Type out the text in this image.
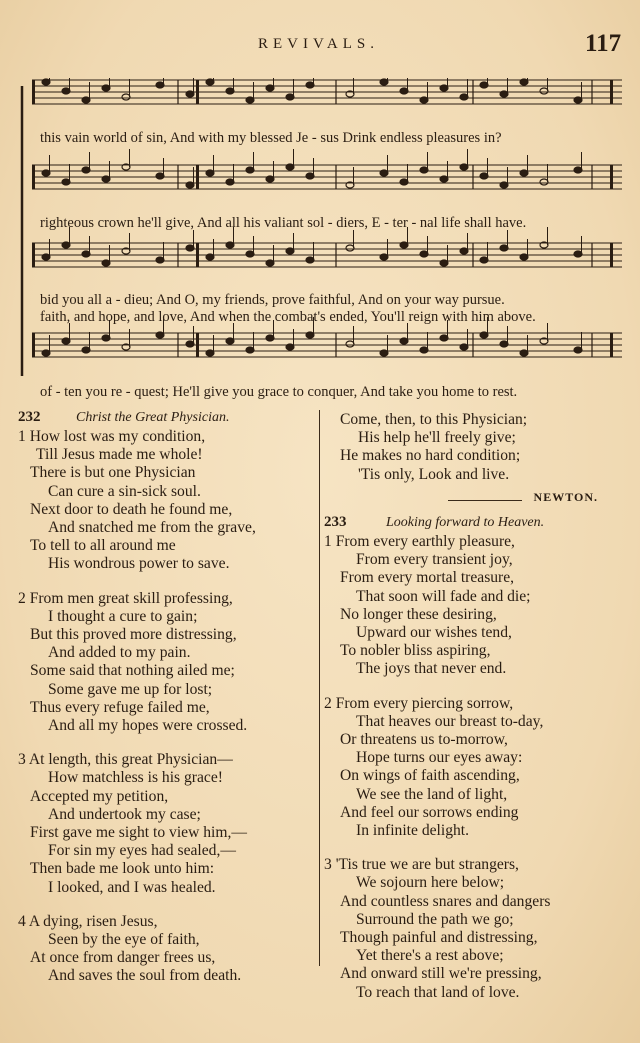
REVIVALS.	117
this vain world of sin, And with my blessed Je - sus Drink endless pleasures in?
righteous crown he'll give, And all his valiant sol - diers, E - ter - nal life shall have.
bid you all a - dieu; And O, my friends, prove faithful, And on your way pursue.
faith, and hope, and love, And when the combat's ended, You'll reign with him above.
of - ten you re - quest; He'll give you grace to conquer, And take you home to rest.
232	Christ the Great Physician.
1 How lost was my condition,
Till Jesus made me whole!
There is but one Physician
Can cure a sin-sick soul.
Next door to death he found me,
And snatched me from the grave,
To tell to all around me
His wondrous power to save.
2 From men great skill professing,
I thought a cure to gain;
But this proved more distressing,
And added to my pain.
Some said that nothing ailed me;
Some gave me up for lost;
Thus every refuge failed me,
And all my hopes were crossed.
3 At length, this great Physician—
How matchless is his grace!
Accepted my petition,
And undertook my case;
First gave me sight to view him,—
For sin my eyes had sealed,—
Then bade me look unto him:
I looked, and I was healed.
4 A dying, risen Jesus,
Seen by the eye of faith,
At once from danger frees us,
And saves the soul from death.
Come, then, to this Physician;
His help he'll freely give;
He makes no hard condition;
'Tis only, Look and live.
NEWTON.
233	Looking forward to Heaven.
1 From every earthly pleasure,
From every transient joy,
From every mortal treasure,
That soon will fade and die;
No longer these desiring,
Upward our wishes tend,
To nobler bliss aspiring,
The joys that never end.
2 From every piercing sorrow,
That heaves our breast to-day,
Or threatens us to-morrow,
Hope turns our eyes away:
On wings of faith ascending,
We see the land of light,
And feel our sorrows ending
In infinite delight.
3 'Tis true we are but strangers,
We sojourn here below;
And countless snares and dangers
Surround the path we go;
Though painful and distressing,
Yet there's a rest above;
And onward still we're pressing,
To reach that land of love.
